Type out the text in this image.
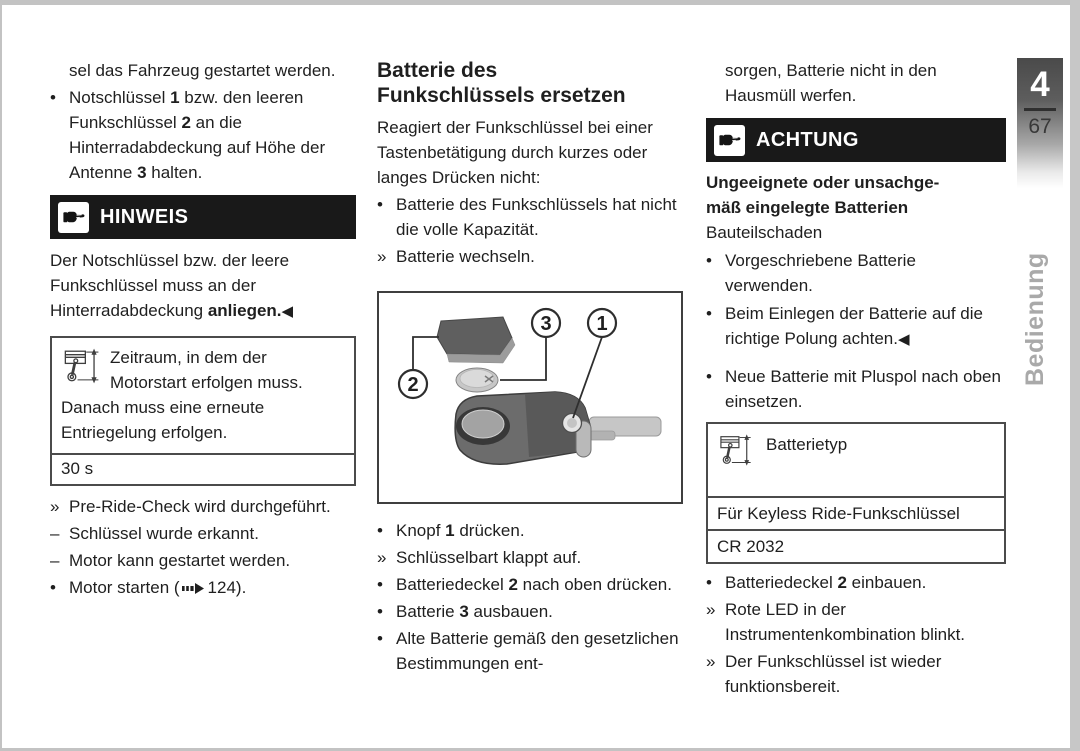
sel das Fahrzeug gestartet werden.

• Notschlüssel 1 bzw. den leeren Funkschlüssel 2 an die Hinterradabdeckung auf Höhe der Antenne 3 halten.
HINWEIS

Der Notschlüssel bzw. der leere Funkschlüssel muss an der Hinterradabdeckung anliegen.◀

Zeitraum, in dem der Motorstart erfolgen muss. Danach muss eine erneute Entriegelung erfolgen.
30 s
» Pre-Ride-Check wird durchgeführt.
– Schlüssel wurde erkannt.
– Motor kann gestartet werden.
• Motor starten ( 124).
Batterie des
Funkschlüssels ersetzen

Reagiert der Funkschlüssel bei einer Tastenbetätigung durch kurzes oder langes Drücken nicht:

• Batterie des Funkschlüssels hat nicht die volle Kapazität.
» Batterie wechseln.
2
3 1
• Knopf 1 drücken.
» Schlüsselbart klappt auf.
• Batteriedeckel 2 nach oben drücken.
• Batterie 3 ausbauen.
• Alte Batterie gemäß den gesetzlichen Bestimmungen ent-

sorgen, Batterie nicht in den Hausmüll werfen.

ACHTUNG
Ungeeignete oder unsachge-
mäß eingelegte Batterien

Bauteilschaden

• Vorgeschriebene Batterie verwenden.
• Beim Einlegen der Batterie auf die richtige Polung achten.◀
• Neue Batterie mit Pluspol nach oben einsetzen.
Batterietyp
Für Keyless Ride-Funkschlüssel
CR 2032
• Batteriedeckel 2 einbauen.
» Rote LED in der Instrumentenkombination blinkt.
» Der Funkschlüssel ist wieder funktionsbereit.
4
67
Bedienung
